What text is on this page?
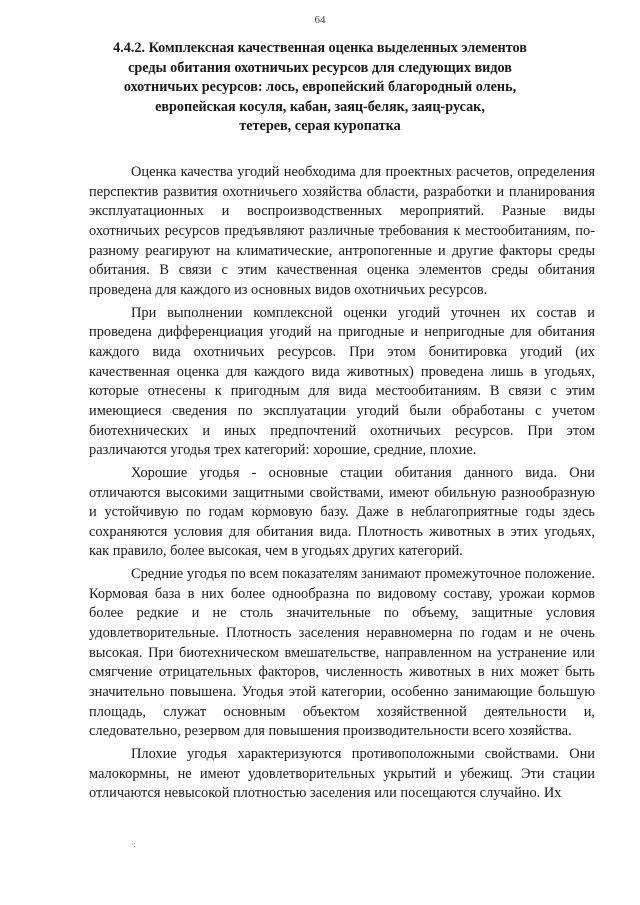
64
4.4.2. Комплексная качественная оценка выделенных элементов
среды обитания охотничьих ресурсов для следующих видов
охотничьих ресурсов: лось, европейский благородный олень,
европейская косуля, кабан, заяц-беляк, заяц-русак,
тетерев, серая куропатка

Оценка качества угодий необходима для проектных расчетов, определения перспектив развития охотничьего хозяйства области, разработки и планирования эксплуатационных и воспроизводственных мероприятий. Разные виды охотничьих ресурсов предъявляют различные требования к местообитаниям, по-разному реагируют на климатические, антропогенные и другие факторы среды обитания. В связи с этим качественная оценка элементов среды обитания проведена для каждого из основных видов охотничьих ресурсов.

При выполнении комплексной оценки угодий уточнен их состав и проведена дифференциация угодий на пригодные и непригодные для обитания каждого вида охотничьих ресурсов. При этом бонитировка угодий (их качественная оценка для каждого вида животных) проведена лишь в угодьях, которые отнесены к пригодным для вида местообитаниям. В связи с этим имеющиеся сведения по эксплуатации угодий были обработаны с учетом биотехнических и иных предпочтений охотничьих ресурсов. При этом различаются угодья трех категорий: хорошие, средние, плохие.

Хорошие угодья - основные стации обитания данного вида. Они отличаются высокими защитными свойствами, имеют обильную разнообразную и устойчивую по годам кормовую базу. Даже в неблагоприятные годы здесь сохраняются условия для обитания вида. Плотность животных в этих угодьях, как правило, более высокая, чем в угодьях других категорий.

Средние угодья по всем показателям занимают промежуточное положение. Кормовая база в них более однообразна по видовому составу, урожаи кормов более редкие и не столь значительные по объему, защитные условия удовлетворительные. Плотность заселения неравномерна по годам и не очень высокая. При биотехническом вмешательстве, направленном на устранение или смягчение отрицательных факторов, численность животных в них может быть значительно повышена. Угодья этой категории, особенно занимающие большую площадь, служат основным объектом хозяйственной деятельности и, следовательно, резервом для повышения производительности всего хозяйства.

Плохие угодья характеризуются противоположными свойствами. Они малокормны, не имеют удовлетворительных укрытий и убежищ. Эти стации отличаются невысокой плотностью заселения или посещаются случайно. Их

·:
